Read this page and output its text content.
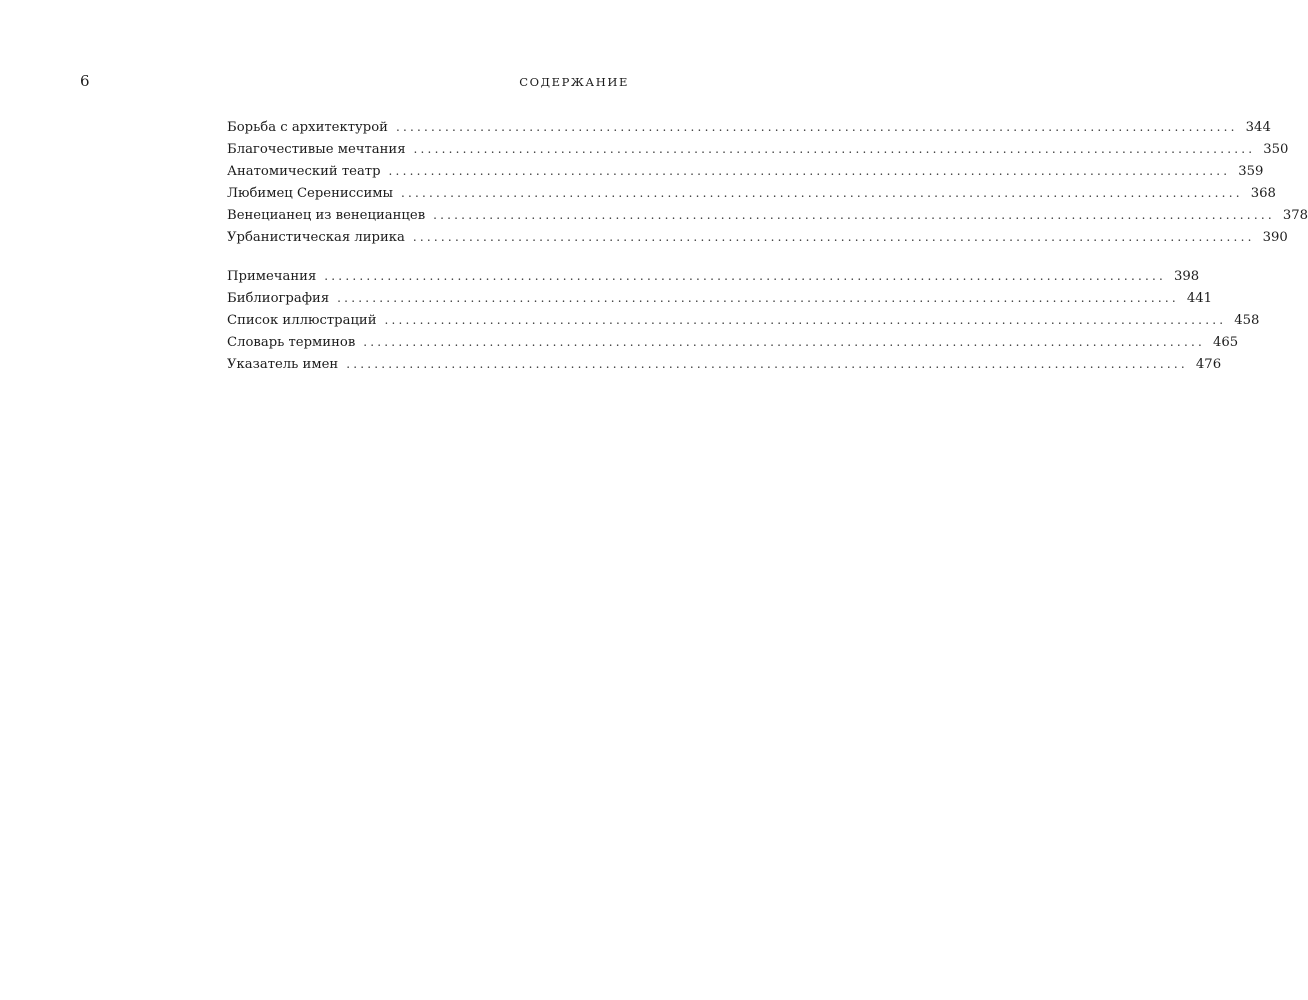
6	СОДЕРЖАНИЕ
Борьба с архитектурой ........................................................................................................................ 344
Благочестивые мечтания ........................................................................................................................ 350
Анатомический театр ........................................................................................................................ 359
Любимец Серениссимы ........................................................................................................................ 368
Венецианец из венецианцев ........................................................................................................................ 378
Урбанистическая лирика ........................................................................................................................ 390
Примечания ........................................................................................................................ 398
Библиография ........................................................................................................................ 441
Список иллюстраций ........................................................................................................................ 458
Словарь терминов ........................................................................................................................ 465
Указатель имен ........................................................................................................................ 476
